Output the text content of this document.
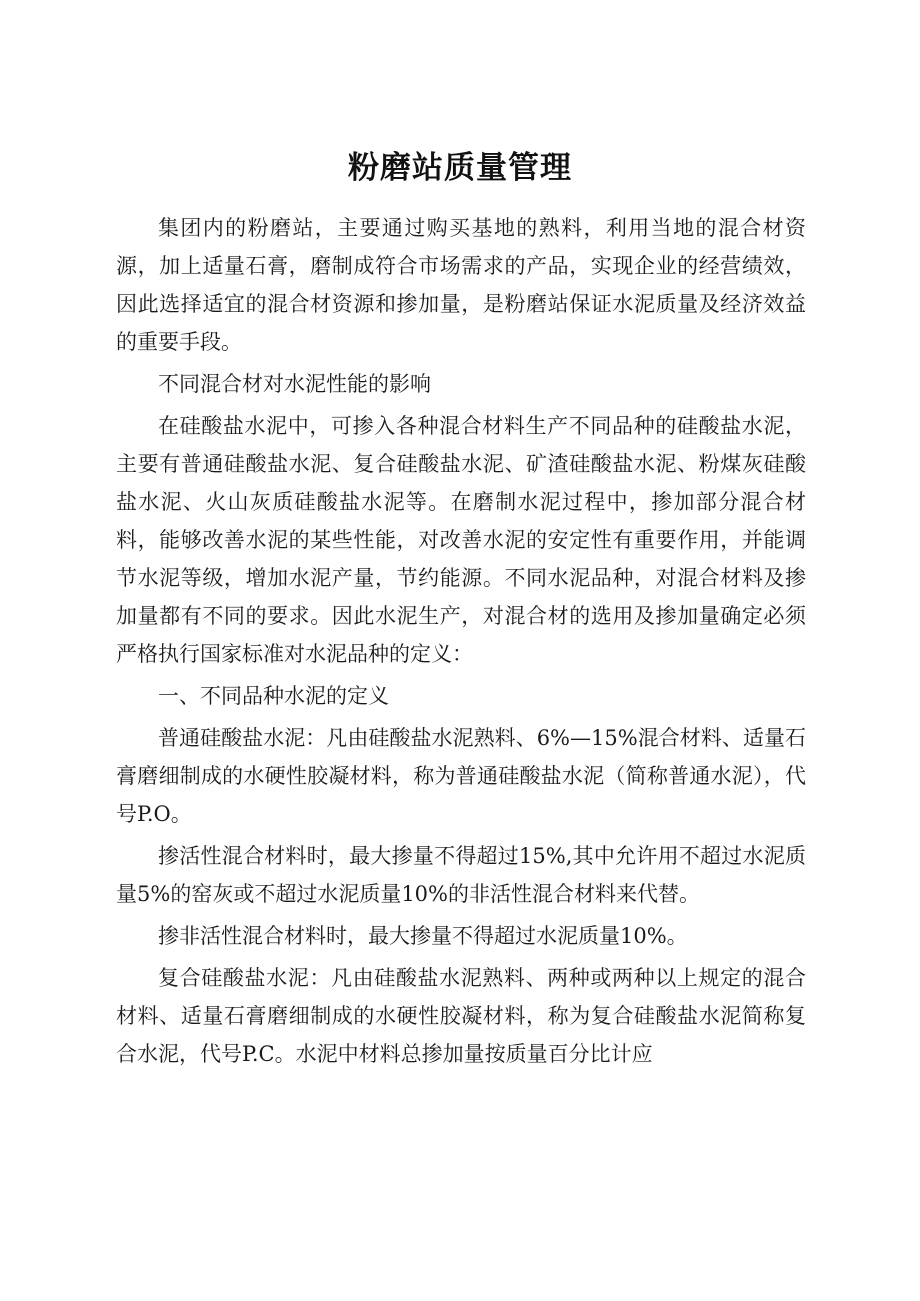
粉磨站质量管理

集团内的粉磨站，主要通过购买基地的熟料，利用当地的混合材资源，加上适量石膏，磨制成符合市场需求的产品，实现企业的经营绩效，因此选择适宜的混合材资源和掺加量，是粉磨站保证水泥质量及经济效益的重要手段。

不同混合材对水泥性能的影响

在硅酸盐水泥中，可掺入各种混合材料生产不同品种的硅酸盐水泥，主要有普通硅酸盐水泥、复合硅酸盐水泥、矿渣硅酸盐水泥、粉煤灰硅酸盐水泥、火山灰质硅酸盐水泥等。在磨制水泥过程中，掺加部分混合材料，能够改善水泥的某些性能，对改善水泥的安定性有重要作用，并能调节水泥等级，增加水泥产量，节约能源。不同水泥品种，对混合材料及掺加量都有不同的要求。因此水泥生产，对混合材的选用及掺加量确定必须严格执行国家标准对水泥品种的定义：

一、不同品种水泥的定义

普通硅酸盐水泥：凡由硅酸盐水泥熟料、6%—15%混合材料、适量石膏磨细制成的水硬性胶凝材料，称为普通硅酸盐水泥（简称普通水泥），代号P.O。

掺活性混合材料时，最大掺量不得超过15%,其中允许用不超过水泥质量5%的窑灰或不超过水泥质量10%的非活性混合材料来代替。

掺非活性混合材料时，最大掺量不得超过水泥质量10%。

复合硅酸盐水泥：凡由硅酸盐水泥熟料、两种或两种以上规定的混合材料、适量石膏磨细制成的水硬性胶凝材料，称为复合硅酸盐水泥简称复合水泥，代号P.C。水泥中材料总掺加量按质量百分比计应
